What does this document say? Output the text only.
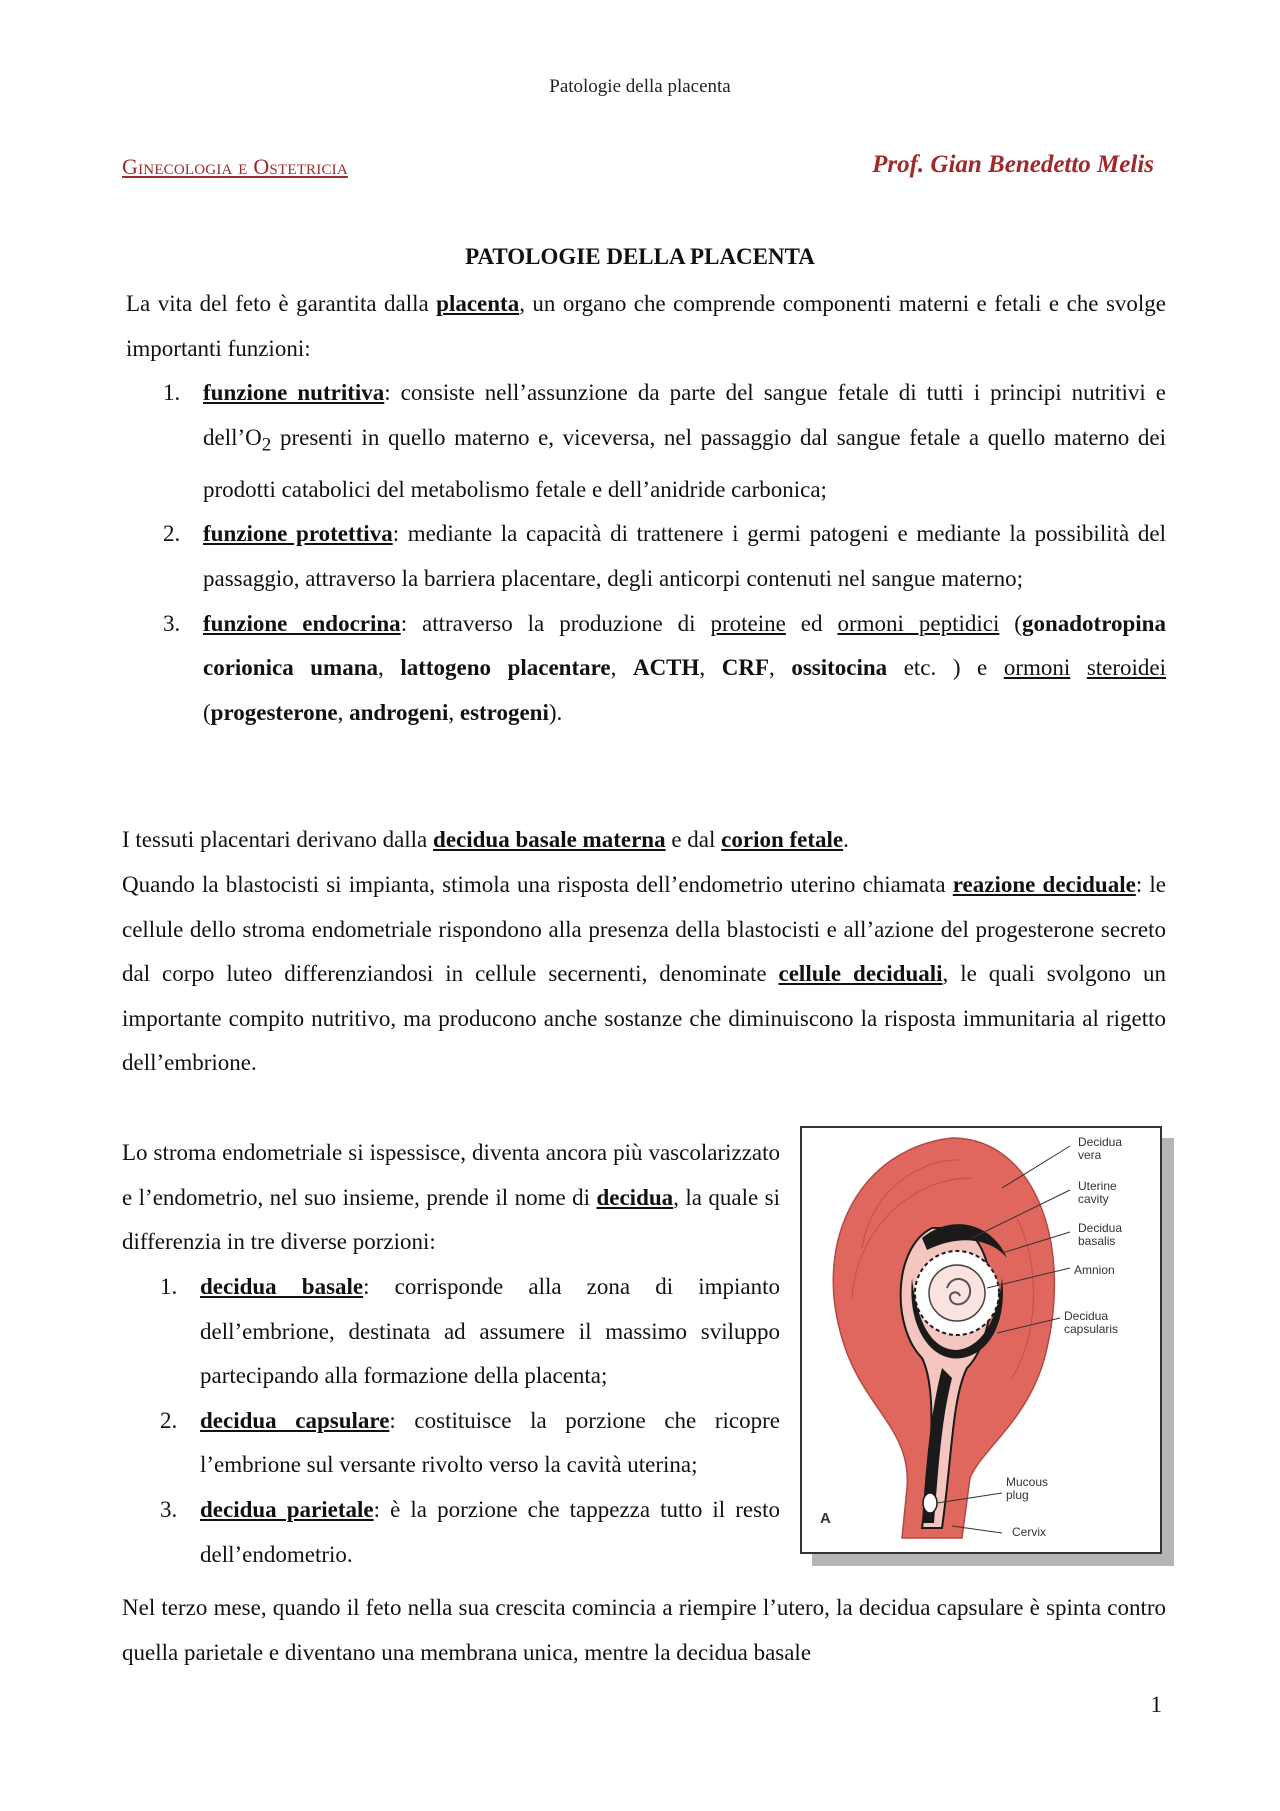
Patologie della placenta
Ginecologia e Ostetricia	Prof. Gian Benedetto Melis
PATOLOGIE DELLA PLACENTA

La vita del feto è garantita dalla placenta, un organo che comprende componenti materni e fetali e che svolge importanti funzioni:

1. funzione nutritiva: consiste nell’assunzione da parte del sangue fetale di tutti i principi nutritivi e $dell’O_2$ presenti in quello materno e, viceversa, nel passaggio dal sangue fetale a quello materno dei prodotti catabolici del metabolismo fetale e dell’anidride carbonica;
2. funzione protettiva: mediante la capacità di trattenere i germi patogeni e mediante la possibilità del passaggio, attraverso la barriera placentare, degli anticorpi contenuti nel sangue materno;
3. funzione endocrina: attraverso la produzione di proteine ed ormoni peptidici (gonadotropina corionica umana, lattogeno placentare, ACTH, CRF, ossitocina etc. ) e ormoni steroidei (progesterone, androgeni, estrogeni).

I tessuti placentari derivano dalla decidua basale materna e dal corion fetale.

Quando la blastocisti si impianta, stimola una risposta dell’endometrio uterino chiamata reazione deciduale: le cellule dello stroma endometriale rispondono alla presenza della blastocisti e all’azione del progesterone secreto dal corpo luteo differenziandosi in cellule secernenti, denominate cellule deciduali, le quali svolgono un importante compito nutritivo, ma producono anche sostanze che diminuiscono la risposta immunitaria al rigetto dell’embrione.

Lo stroma endometriale si ispessisce, diventa ancora più vascolarizzato e l’endometrio, nel suo insieme, prende il nome di decidua, la quale si differenzia in tre diverse porzioni:

1. decidua basale: corrisponde alla zona di impianto dell’embrione, destinata ad assumere il massimo sviluppo partecipando alla formazione della placenta;
2. decidua capsulare: costituisce la porzione che ricopre l’embrione sul versante rivolto verso la cavità uterina;
3. decidua parietale: è la porzione che tappezza tutto il resto dell’endometrio.
Decidua
vera
Uterine
cavity
Decidua
basalis
Amnion
Decidua
capsularis
Mucous
plug
Cervix
A

Nel terzo mese, quando il feto nella sua crescita comincia a riempire l’utero, la decidua capsulare è spinta contro quella parietale e diventano una membrana unica, mentre la decidua basale

1
